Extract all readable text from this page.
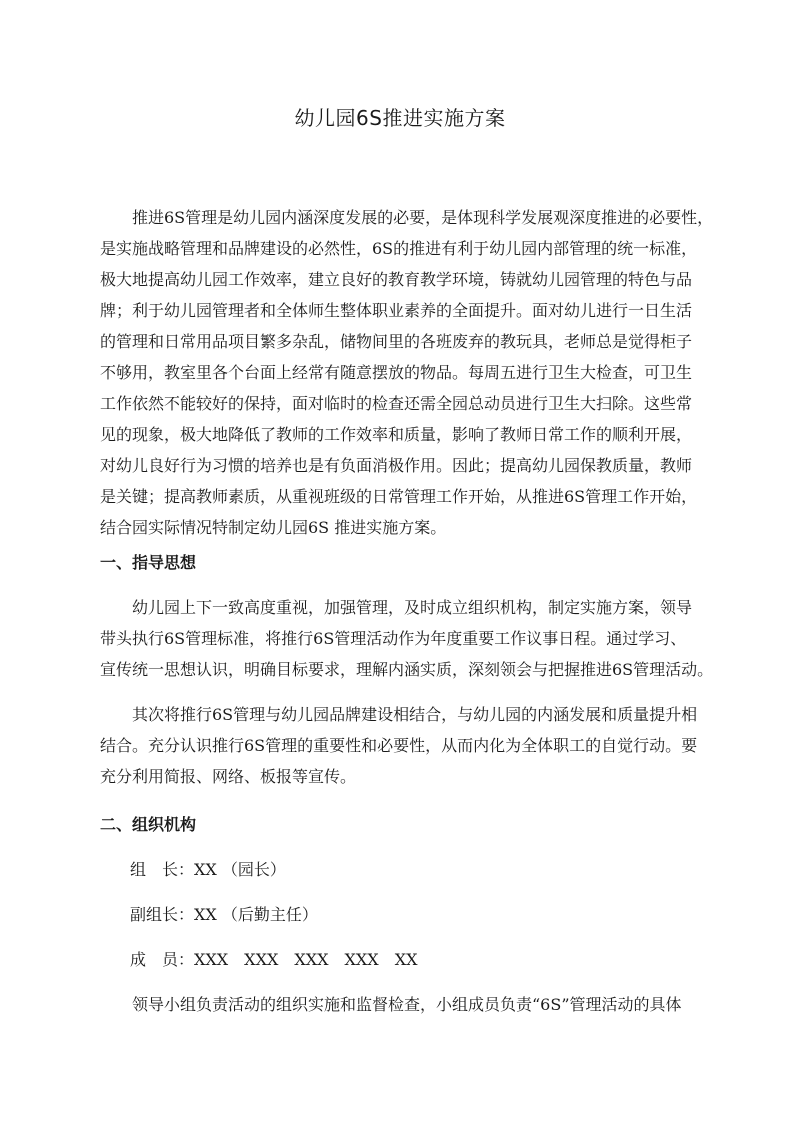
幼儿园6S推进实施方案
推进6S管理是幼儿园内涵深度发展的必要，是体现科学发展观深度推进的必要性，
是实施战略管理和品牌建设的必然性，6S的推进有利于幼儿园内部管理的统一标准，
极大地提高幼儿园工作效率，建立良好的教育教学环境，铸就幼儿园管理的特色与品
牌；利于幼儿园管理者和全体师生整体职业素养的全面提升。面对幼儿进行一日生活
的管理和日常用品项目繁多杂乱，储物间里的各班废弃的教玩具，老师总是觉得柜子
不够用，教室里各个台面上经常有随意摆放的物品。每周五进行卫生大检查，可卫生
工作依然不能较好的保持，面对临时的检查还需全园总动员进行卫生大扫除。这些常
见的现象，极大地降低了教师的工作效率和质量，影响了教师日常工作的顺利开展，
对幼儿良好行为习惯的培养也是有负面消极作用。因此；提高幼儿园保教质量，教师
是关键；提高教师素质，从重视班级的日常管理工作开始，从推进6S管理工作开始，
结合园实际情况特制定幼儿园6S 推进实施方案。
一、指导思想
幼儿园上下一致高度重视，加强管理，及时成立组织机构，制定实施方案，领导
带头执行6S管理标准，将推行6S管理活动作为年度重要工作议事日程。通过学习、
宣传统一思想认识，明确目标要求，理解内涵实质，深刻领会与把握推进6S管理活动。
其次将推行6S管理与幼儿园品牌建设相结合，与幼儿园的内涵发展和质量提升相
结合。充分认识推行6S管理的重要性和必要性，从而内化为全体职工的自觉行动。要
充分利用简报、网络、板报等宣传。
二、组织机构
组　长：XX （园长）
副组长：XX （后勤主任）
成　员：XXX　XXX　XXX　XXX　XX
领导小组负责活动的组织实施和监督检查，小组成员负责“6S”管理活动的具体
